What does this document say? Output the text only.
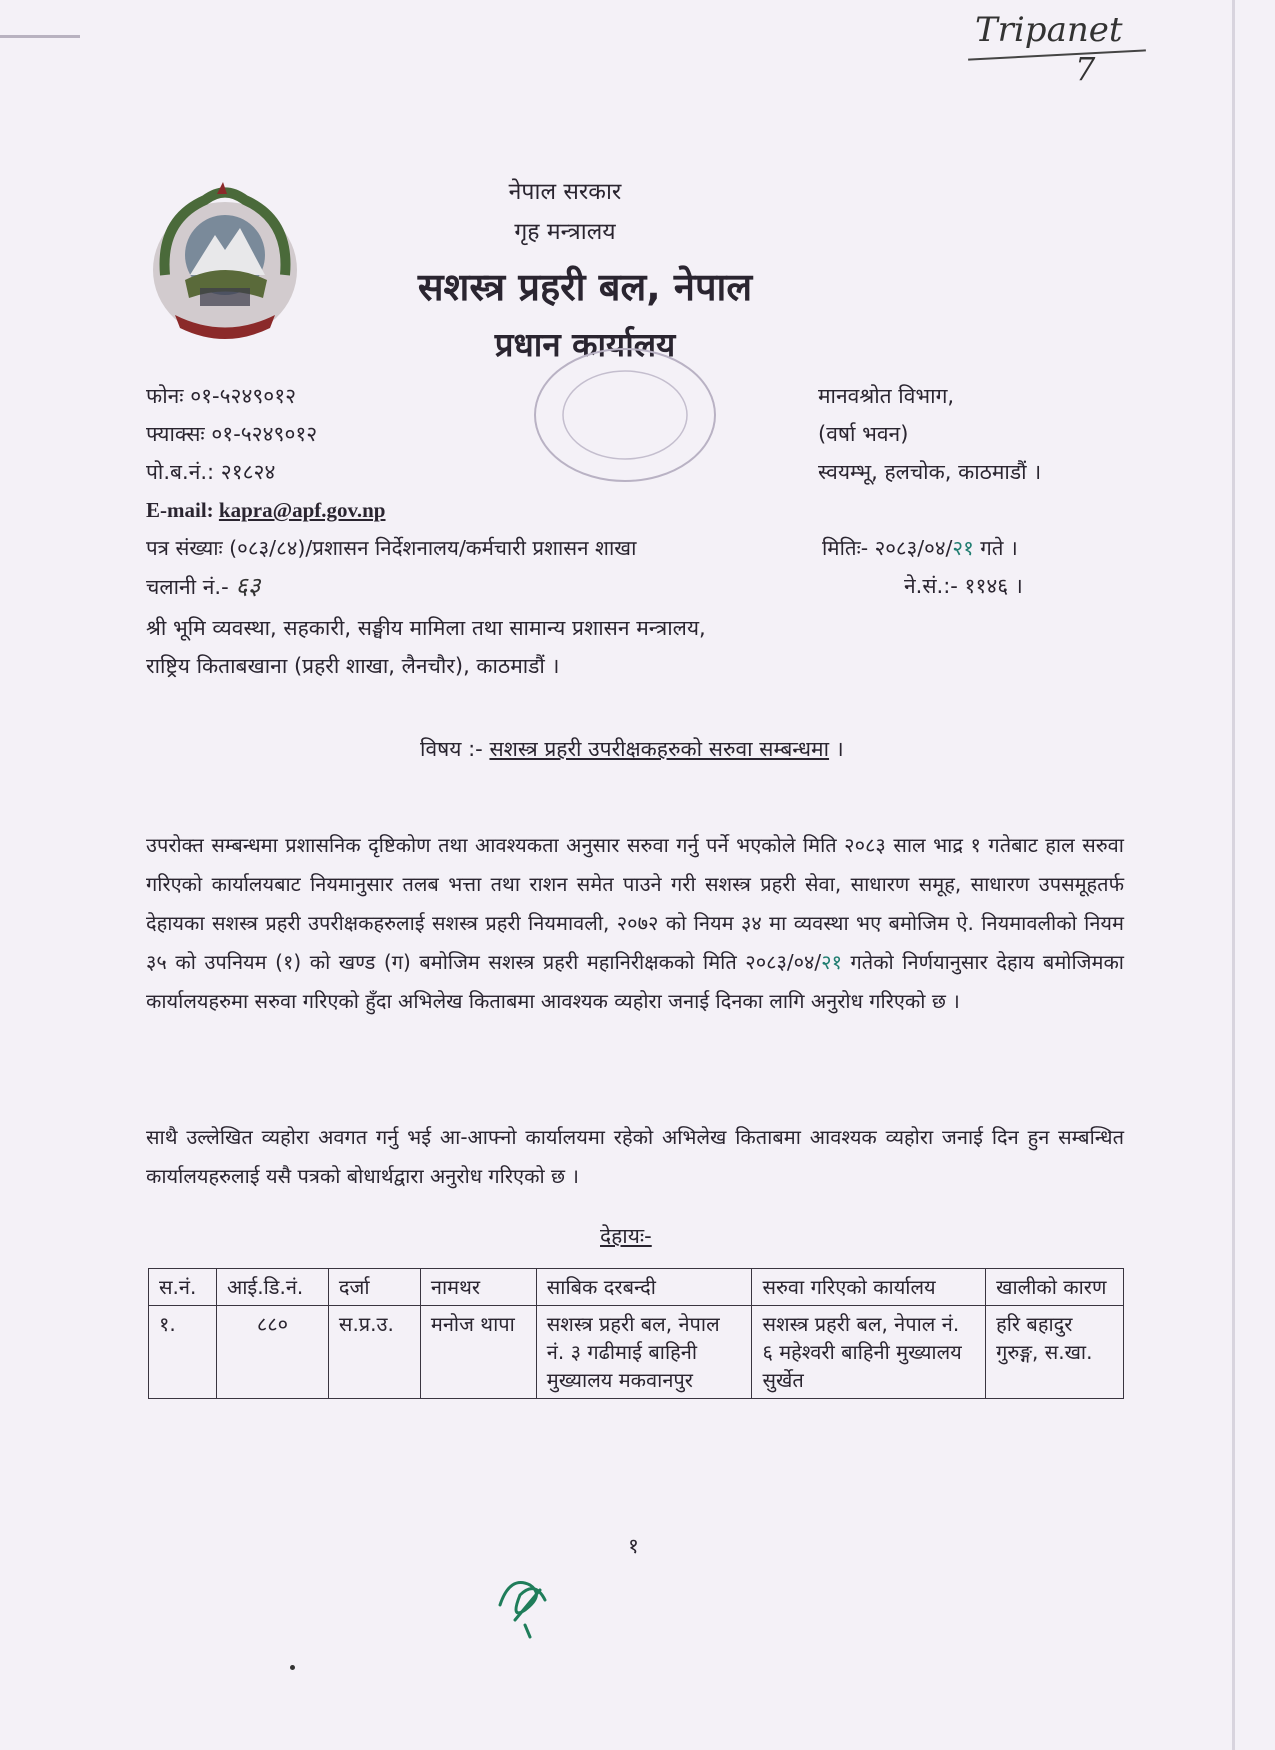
Tripanet
7
नेपाल सरकार
गृह मन्त्रालय
सशस्त्र प्रहरी बल, नेपाल
प्रधान कार्यालय
फोनः ०१-५२४९०१२
फ्याक्सः ०१-५२४९०१२
पो.ब.नं.: २१८२४
E-mail: kapra@apf.gov.np
मानवश्रोत विभाग,
(वर्षा भवन)
स्वयम्भू, हलचोक, काठमाडौं ।
पत्र संख्याः (०८३/८४)/प्रशासन निर्देशनालय/कर्मचारी प्रशासन शाखा	मितिः- २०८३/०४/२१ गते ।
चलानी नं.- ६३	ने.सं.:- ११४६ ।
श्री भूमि व्यवस्था, सहकारी, सङ्घीय मामिला तथा सामान्य प्रशासन मन्त्रालय,
राष्ट्रिय किताबखाना (प्रहरी शाखा, लैनचौर), काठमाडौं ।
विषय :- सशस्त्र प्रहरी उपरीक्षकहरुको सरुवा सम्बन्धमा ।
उपरोक्त सम्बन्धमा प्रशासनिक दृष्टिकोण तथा आवश्यकता अनुसार सरुवा गर्नु पर्ने भएकोले मिति २०८३ साल भाद्र १ गतेबाट हाल सरुवा गरिएको कार्यालयबाट नियमानुसार तलब भत्ता तथा राशन समेत पाउने गरी सशस्त्र प्रहरी सेवा, साधारण समूह, साधारण उपसमूहतर्फ देहायका सशस्त्र प्रहरी उपरीक्षकहरुलाई सशस्त्र प्रहरी नियमावली, २०७२ को नियम ३४ मा व्यवस्था भए बमोजिम ऐ. नियमावलीको नियम ३५ को उपनियम (१) को खण्ड (ग) बमोजिम सशस्त्र प्रहरी महानिरीक्षकको मिति २०८३/०४/२१ गतेको निर्णयानुसार देहाय बमोजिमका कार्यालयहरुमा सरुवा गरिएको हुँदा अभिलेख किताबमा आवश्यक व्यहोरा जनाई दिनका लागि अनुरोध गरिएको छ ।
साथै उल्लेखित व्यहोरा अवगत गर्नु भई आ-आफ्नो कार्यालयमा रहेको अभिलेख किताबमा आवश्यक व्यहोरा जनाई दिन हुन सम्बन्धित कार्यालयहरुलाई यसै पत्रको बोधार्थद्वारा अनुरोध गरिएको छ ।
देहायः-
स.नं.	आई.डि.नं.	दर्जा	नामथर	साबिक दरबन्दी	सरुवा गरिएको कार्यालय	खालीको कारण
१.	८८०	स.प्र.उ.	मनोज थापा	सशस्त्र प्रहरी बल, नेपाल नं. ३ गढीमाई बाहिनी मुख्यालय मकवानपुर	सशस्त्र प्रहरी बल, नेपाल नं. ६ महेश्वरी बाहिनी मुख्यालय सुर्खेत	हरि बहादुर गुरुङ्ग, स.खा.
१
